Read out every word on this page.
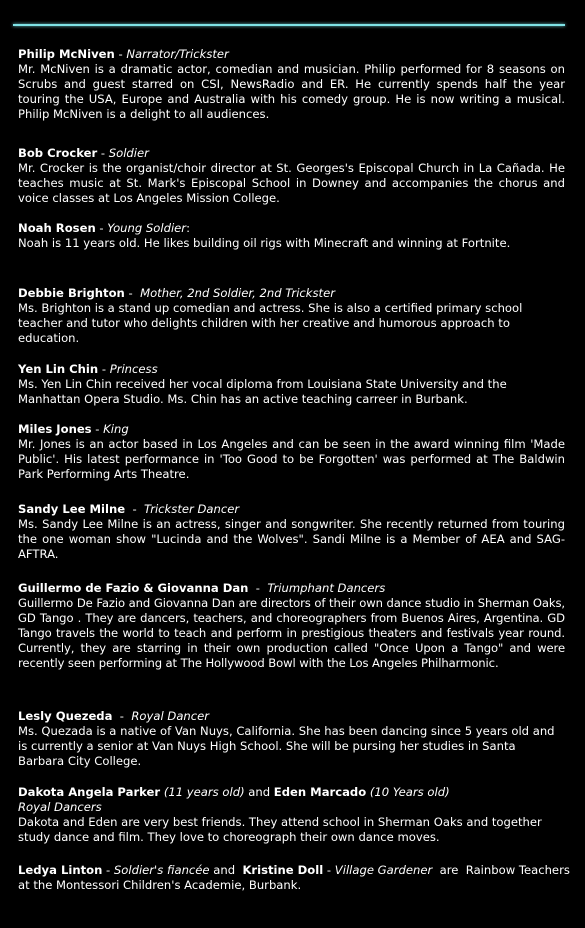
Philip McNiven - Narrator/Trickster

Mr. McNiven is a dramatic actor, comedian and musician. Philip performed for 8 seasons on Scrubs and guest starred on CSI, NewsRadio and ER. He currently spends half the year touring the USA, Europe and Australia with his comedy group. He is now writing a musical. Philip McNiven is a delight to all audiences.

Bob Crocker - Soldier

Mr. Crocker is the organist/choir director at St. Georges's Episcopal Church in La Cañada. He teaches music at St. Mark's Episcopal School in Downey and accompanies the chorus and voice classes at Los Angeles Mission College.

Noah Rosen - Young Soldier:

Noah is 11 years old. He likes building oil rigs with Minecraft and winning at Fortnite.

Debbie Brighton -  Mother, 2nd Soldier, 2nd Trickster

Ms. Brighton is a stand up comedian and actress. She is also a certified primary school teacher and tutor who delights children with her creative and humorous approach to education.

Yen Lin Chin - Princess

Ms. Yen Lin Chin received her vocal diploma from Louisiana State University and the Manhattan Opera Studio. Ms. Chin has an active teaching carreer in Burbank.

Miles Jones - King

Mr. Jones is an actor based in Los Angeles and can be seen in the award winning film 'Made Public'. His latest performance in 'Too Good to be Forgotten' was performed at The Baldwin Park Performing Arts Theatre.

Sandy Lee Milne  -  Trickster Dancer

Ms. Sandy Lee Milne is an actress, singer and songwriter. She recently returned from touring the one woman show "Lucinda and the Wolves". Sandi Milne is a Member of AEA and SAG-AFTRA.

Guillermo de Fazio & Giovanna Dan  -  Triumphant Dancers

Guillermo De Fazio and Giovanna Dan are directors of their own dance studio in Sherman Oaks, GD Tango . They are dancers, teachers, and choreographers from Buenos Aires, Argentina. GD Tango travels the world to teach and perform in prestigious theaters and festivals year round. Currently, they are starring in their own production called "Once Upon a Tango" and were recently seen performing at The Hollywood Bowl with the Los Angeles Philharmonic.

Lesly Quezeda  -  Royal Dancer

Ms. Quezada is a native of Van Nuys, California. She has been dancing since 5 years old and is currently a senior at Van Nuys High School. She will be pursing her studies in Santa Barbara City College.

Dakota Angela Parker (11 years old) and Eden Marcado (10 Years old)

Royal Dancers

Dakota and Eden are very best friends. They attend school in Sherman Oaks and together study dance and film. They love to choreograph their own dance moves.

Ledya Linton - Soldier's fiancée and  Kristine Doll - Village Gardener  are  Rainbow Teachers

at the Montessori Children's Academie, Burbank.
